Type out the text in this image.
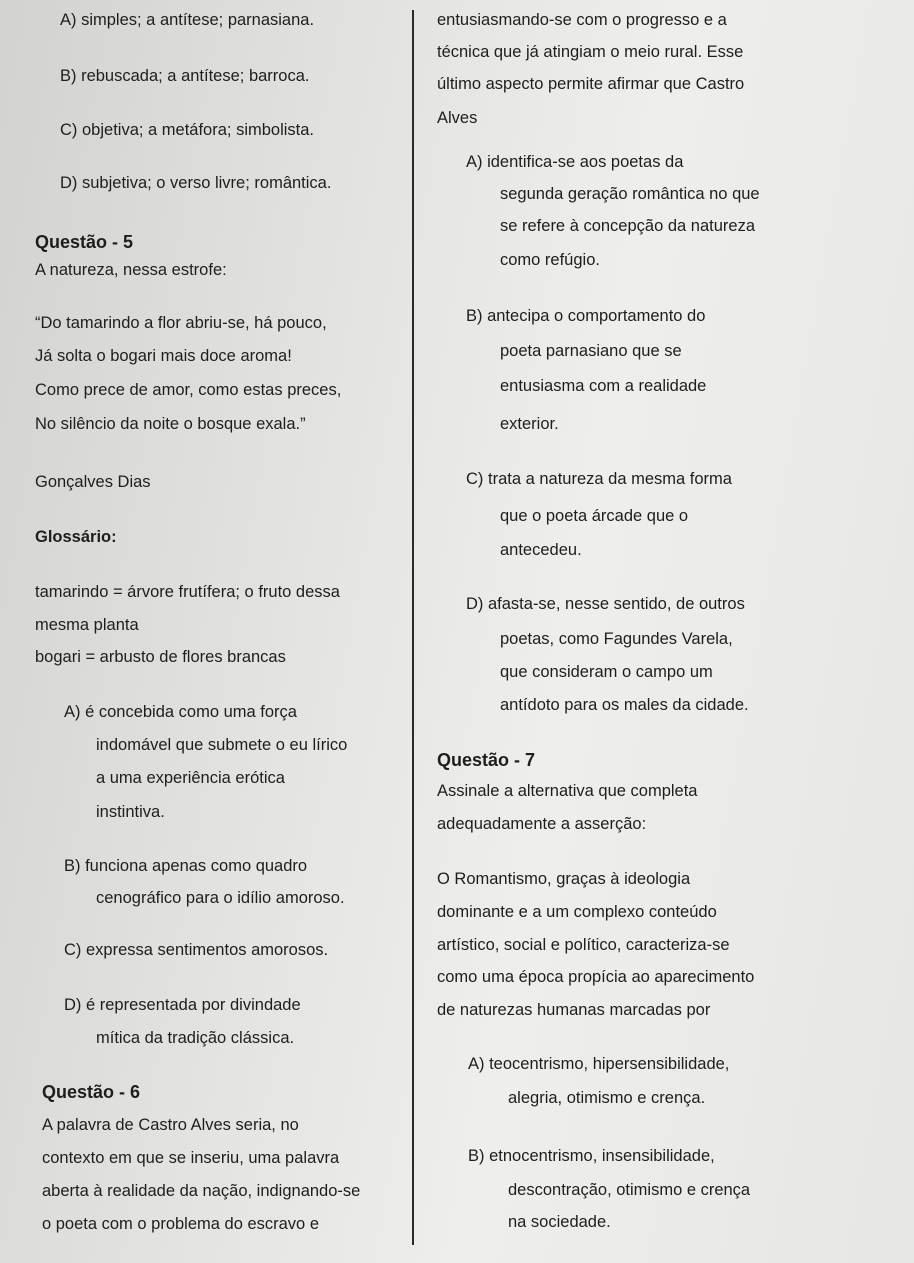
A) simples; a antítese; parnasiana.
B) rebuscada; a antítese; barroca.
C) objetiva; a metáfora; simbolista.
D) subjetiva; o verso livre; romântica.
Questão - 5
A natureza, nessa estrofe:
“Do tamarindo a flor abriu-se, há pouco,
Já solta o bogari mais doce aroma!
Como prece de amor, como estas preces,
No silêncio da noite o bosque exala.”
Gonçalves Dias
Glossário:
tamarindo = árvore frutífera; o fruto dessa
mesma planta
bogari = arbusto de flores brancas
A) é concebida como uma força
indomável que submete o eu lírico
a uma experiência erótica
instintiva.
B) funciona apenas como quadro
cenográfico para o idílio amoroso.
C) expressa sentimentos amorosos.
D) é representada por divindade
mítica da tradição clássica.
Questão - 6
A palavra de Castro Alves seria, no
contexto em que se inseriu, uma palavra
aberta à realidade da nação, indignando-se
o poeta com o problema do escravo e
entusiasmando-se com o progresso e a
técnica que já atingiam o meio rural. Esse
último aspecto permite afirmar que Castro
Alves
A) identifica-se aos poetas da
segunda geração romântica no que
se refere à concepção da natureza
como refúgio.
B) antecipa o comportamento do
poeta parnasiano que se
entusiasma com a realidade
exterior.
C) trata a natureza da mesma forma
que o poeta árcade que o
antecedeu.
D) afasta-se, nesse sentido, de outros
poetas, como Fagundes Varela,
que consideram o campo um
antídoto para os males da cidade.
Questão - 7
Assinale a alternativa que completa
adequadamente a asserção:
O Romantismo, graças à ideologia
dominante e a um complexo conteúdo
artístico, social e político, caracteriza-se
como uma época propícia ao aparecimento
de naturezas humanas marcadas por
A) teocentrismo, hipersensibilidade,
alegria, otimismo e crença.
B) etnocentrismo, insensibilidade,
descontração, otimismo e crença
na sociedade.
